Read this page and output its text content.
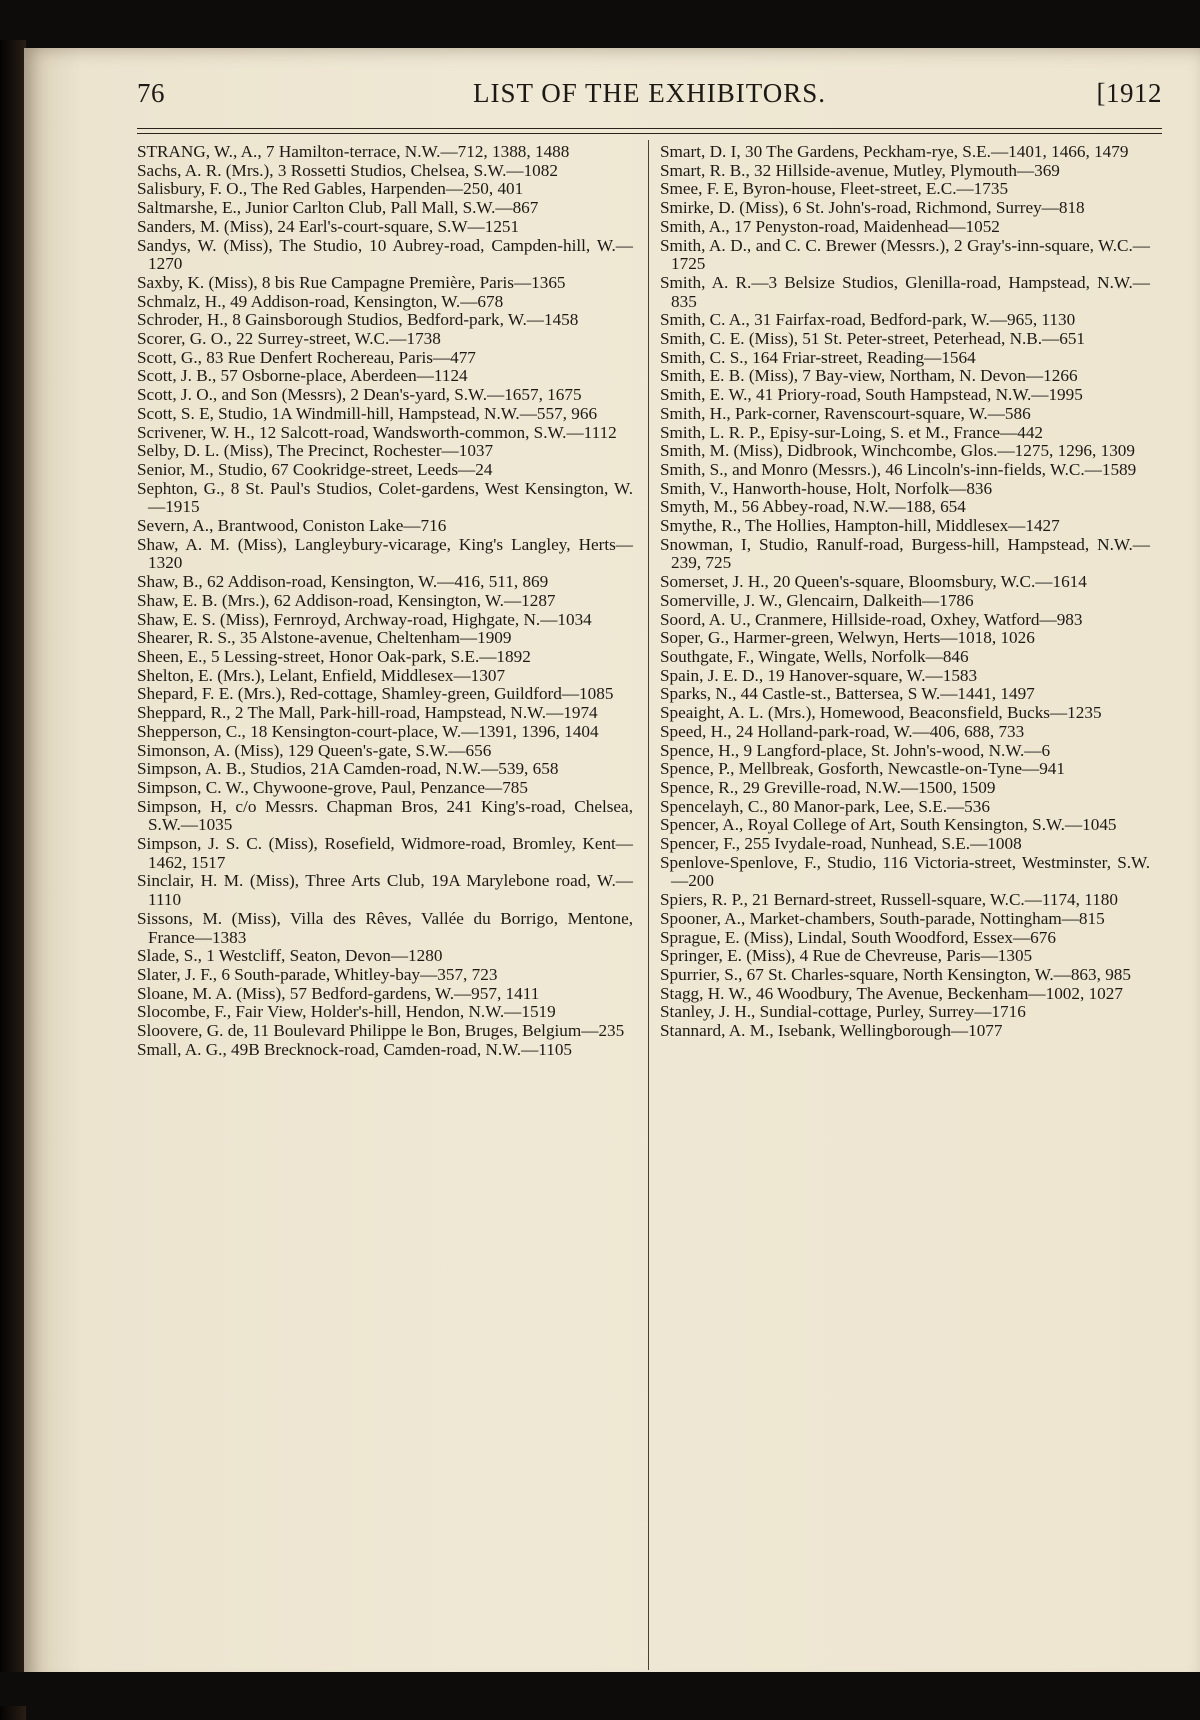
76	LIST OF THE EXHIBITORS.	[1912

STRANG, W., A., 7 Hamilton-terrace, N.W.—712, 1388, 1488

Sachs, A. R. (Mrs.), 3 Rossetti Studios, Chelsea, S.W.—1082

Salisbury, F. O., The Red Gables, Harpenden—250, 401

Saltmarshe, E., Junior Carlton Club, Pall Mall, S.W.—867

Sanders, M. (Miss), 24 Earl's-court-square, S.W—1251

Sandys, W. (Miss), The Studio, 10 Aubrey-road, Campden-hill, W.—1270

Saxby, K. (Miss), 8 bis Rue Campagne Première, Paris—1365

Schmalz, H., 49 Addison-road, Kensington, W.—678

Schroder, H., 8 Gainsborough Studios, Bedford-park, W.—1458

Scorer, G. O., 22 Surrey-street, W.C.—1738

Scott, G., 83 Rue Denfert Rochereau, Paris—477

Scott, J. B., 57 Osborne-place, Aberdeen—1124

Scott, J. O., and Son (Messrs), 2 Dean's-yard, S.W.—1657, 1675

Scott, S. E, Studio, 1A Windmill-hill, Hampstead, N.W.—557, 966

Scrivener, W. H., 12 Salcott-road, Wandsworth-common, S.W.—1112

Selby, D. L. (Miss), The Precinct, Rochester—1037

Senior, M., Studio, 67 Cookridge-street, Leeds—24

Sephton, G., 8 St. Paul's Studios, Colet-gardens, West Kensington, W.—1915

Severn, A., Brantwood, Coniston Lake—716

Shaw, A. M. (Miss), Langleybury-vicarage, King's Langley, Herts—1320

Shaw, B., 62 Addison-road, Kensington, W.—416, 511, 869

Shaw, E. B. (Mrs.), 62 Addison-road, Kensington, W.—1287

Shaw, E. S. (Miss), Fernroyd, Archway-road, Highgate, N.—1034

Shearer, R. S., 35 Alstone-avenue, Cheltenham—1909

Sheen, E., 5 Lessing-street, Honor Oak-park, S.E.—1892

Shelton, E. (Mrs.), Lelant, Enfield, Middlesex—1307

Shepard, F. E. (Mrs.), Red-cottage, Shamley-green, Guildford—1085

Sheppard, R., 2 The Mall, Park-hill-road, Hampstead, N.W.—1974

Shepperson, C., 18 Kensington-court-place, W.—1391, 1396, 1404

Simonson, A. (Miss), 129 Queen's-gate, S.W.—656

Simpson, A. B., Studios, 21A Camden-road, N.W.—539, 658

Simpson, C. W., Chywoone-grove, Paul, Penzance—785

Simpson, H, c/o Messrs. Chapman Bros, 241 King's-road, Chelsea, S.W.—1035

Simpson, J. S. C. (Miss), Rosefield, Widmore-road, Bromley, Kent—1462, 1517

Sinclair, H. M. (Miss), Three Arts Club, 19A Marylebone road, W.—1110

Sissons, M. (Miss), Villa des Rêves, Vallée du Borrigo, Mentone, France—1383

Slade, S., 1 Westcliff, Seaton, Devon—1280

Slater, J. F., 6 South-parade, Whitley-bay—357, 723

Sloane, M. A. (Miss), 57 Bedford-gardens, W.—957, 1411

Slocombe, F., Fair View, Holder's-hill, Hendon, N.W.—1519

Sloovere, G. de, 11 Boulevard Philippe le Bon, Bruges, Belgium—235

Small, A. G., 49B Brecknock-road, Camden-road, N.W.—1105

Smart, D. I, 30 The Gardens, Peckham-rye, S.E.—1401, 1466, 1479

Smart, R. B., 32 Hillside-avenue, Mutley, Plymouth—369

Smee, F. E, Byron-house, Fleet-street, E.C.—1735

Smirke, D. (Miss), 6 St. John's-road, Richmond, Surrey—818

Smith, A., 17 Penyston-road, Maidenhead—1052

Smith, A. D., and C. C. Brewer (Messrs.), 2 Gray's-inn-square, W.C.—1725

Smith, A. R.—3 Belsize Studios, Glenilla-road, Hampstead, N.W.—835

Smith, C. A., 31 Fairfax-road, Bedford-park, W.—965, 1130

Smith, C. E. (Miss), 51 St. Peter-street, Peterhead, N.B.—651

Smith, C. S., 164 Friar-street, Reading—1564

Smith, E. B. (Miss), 7 Bay-view, Northam, N. Devon—1266

Smith, E. W., 41 Priory-road, South Hampstead, N.W.—1995

Smith, H., Park-corner, Ravenscourt-square, W.—586

Smith, L. R. P., Episy-sur-Loing, S. et M., France—442

Smith, M. (Miss), Didbrook, Winchcombe, Glos.—1275, 1296, 1309

Smith, S., and Monro (Messrs.), 46 Lincoln's-inn-fields, W.C.—1589

Smith, V., Hanworth-house, Holt, Norfolk—836

Smyth, M., 56 Abbey-road, N.W.—188, 654

Smythe, R., The Hollies, Hampton-hill, Middlesex—1427

Snowman, I, Studio, Ranulf-road, Burgess-hill, Hampstead, N.W.—239, 725

Somerset, J. H., 20 Queen's-square, Bloomsbury, W.C.—1614

Somerville, J. W., Glencairn, Dalkeith—1786

Soord, A. U., Cranmere, Hillside-road, Oxhey, Watford—983

Soper, G., Harmer-green, Welwyn, Herts—1018, 1026

Southgate, F., Wingate, Wells, Norfolk—846

Spain, J. E. D., 19 Hanover-square, W.—1583

Sparks, N., 44 Castle-st., Battersea, S W.—1441, 1497

Speaight, A. L. (Mrs.), Homewood, Beaconsfield, Bucks—1235

Speed, H., 24 Holland-park-road, W.—406, 688, 733

Spence, H., 9 Langford-place, St. John's-wood, N.W.—6

Spence, P., Mellbreak, Gosforth, Newcastle-on-Tyne—941

Spence, R., 29 Greville-road, N.W.—1500, 1509

Spencelayh, C., 80 Manor-park, Lee, S.E.—536

Spencer, A., Royal College of Art, South Kensington, S.W.—1045

Spencer, F., 255 Ivydale-road, Nunhead, S.E.—1008

Spenlove-Spenlove, F., Studio, 116 Victoria-street, Westminster, S.W.—200

Spiers, R. P., 21 Bernard-street, Russell-square, W.C.—1174, 1180

Spooner, A., Market-chambers, South-parade, Nottingham—815

Sprague, E. (Miss), Lindal, South Woodford, Essex—676

Springer, E. (Miss), 4 Rue de Chevreuse, Paris—1305

Spurrier, S., 67 St. Charles-square, North Kensington, W.—863, 985

Stagg, H. W., 46 Woodbury, The Avenue, Beckenham—1002, 1027

Stanley, J. H., Sundial-cottage, Purley, Surrey—1716

Stannard, A. M., Isebank, Wellingborough—1077
